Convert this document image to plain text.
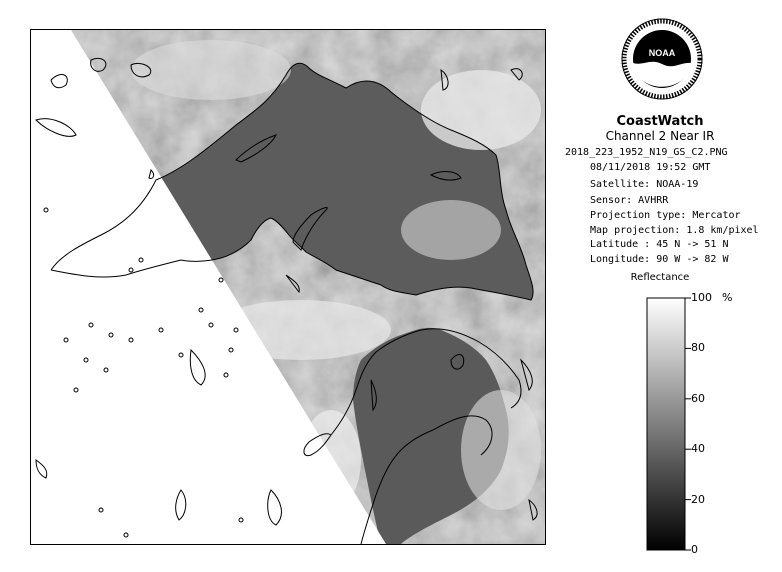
NOAA
CoastWatch
Channel 2 Near IR
2018_223_1952_N19_GS_C2.PNG
08/11/2018 19:52 GMT
Satellite: NOAA-19
Sensor: AVHRR
Projection type: Mercator
Map projection: 1.8 km/pixel
Latitude : 45 N -> 51 N
Longitude: 90 W -> 82 W
Reflectance
100
80
60
40
20
0
%
